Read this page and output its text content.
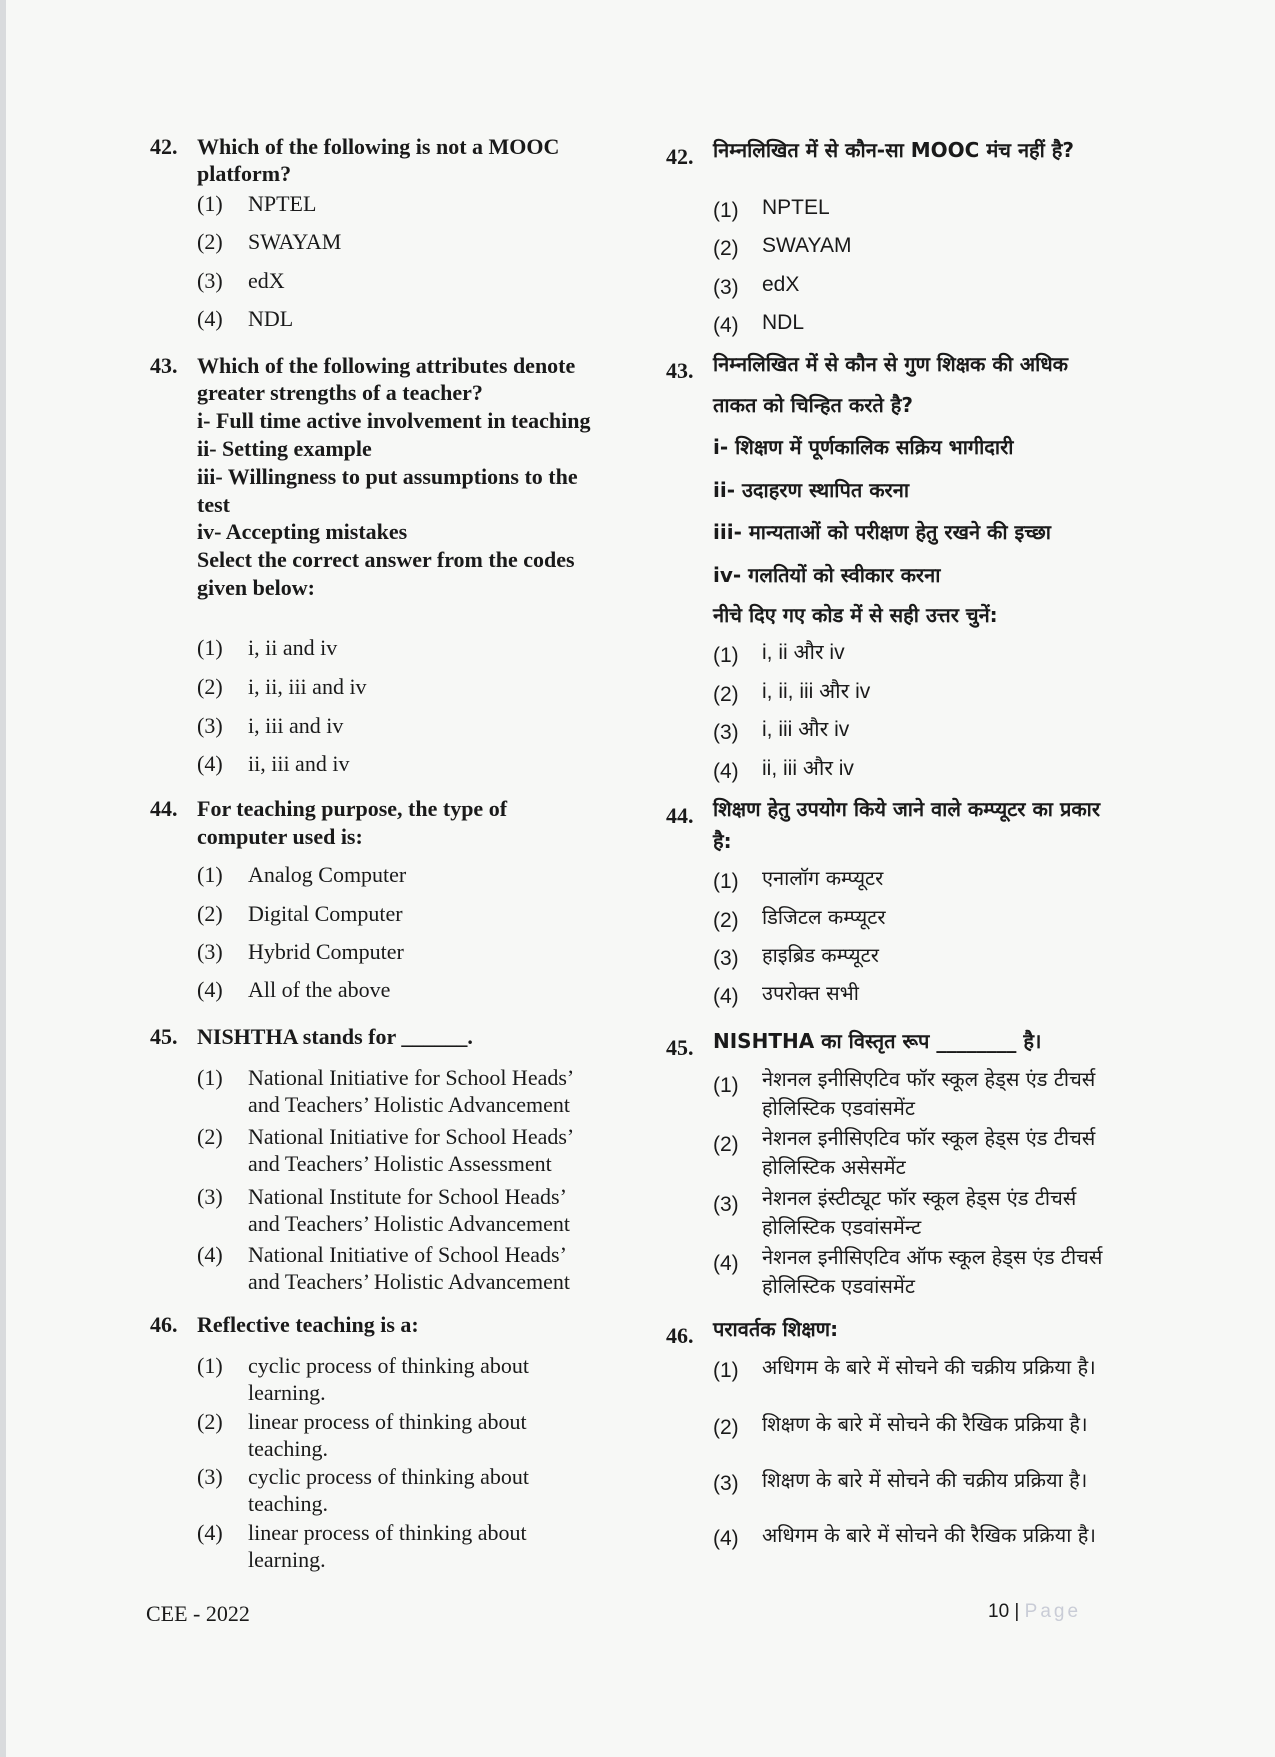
42. Which of the following is not a MOOC
platform?
(1) NPTEL
(2) SWAYAM
(3) edX
(4) NDL
43. Which of the following attributes denote
greater strengths of a teacher?
i- Full time active involvement in teaching
ii- Setting example
iii- Willingness to put assumptions to the
test
iv- Accepting mistakes
Select the correct answer from the codes
given below:
(1) i, ii and iv
(2) i, ii, iii and iv
(3) i, iii and iv
(4) ii, iii and iv
44. For teaching purpose, the type of
computer used is:
(1) Analog Computer
(2) Digital Computer
(3) Hybrid Computer
(4) All of the above
45. NISHTHA stands for ______.
(1) National Initiative for School Heads’
and Teachers’ Holistic Advancement
(2) National Initiative for School Heads’
and Teachers’ Holistic Assessment
(3) National Institute for School Heads’
and Teachers’ Holistic Advancement
(4) National Initiative of School Heads’
and Teachers’ Holistic Advancement
46. Reflective teaching is a:
(1) cyclic process of thinking about
learning.
(2) linear process of thinking about
teaching.
(3) cyclic process of thinking about
teaching.
(4) linear process of thinking about
learning.
42. निम्नलिखित में से कौन-सा MOOC मंच नहीं है?
(1) NPTEL
(2) SWAYAM
(3) edX
(4) NDL
43. निम्नलिखित में से कौन से गुण शिक्षक की अधिक
ताकत को चिन्हित करते है?
i- शिक्षण में पूर्णकालिक सक्रिय भागीदारी
ii- उदाहरण स्थापित करना
iii- मान्यताओं को परीक्षण हेतु रखने की इच्छा
iv- गलतियों को स्वीकार करना
नीचे दिए गए कोड में से सही उत्तर चुनें:
(1) i, ii और iv
(2) i, ii, iii और iv
(3) i, iii और iv
(4) ii, iii और iv
44. शिक्षण हेतु उपयोग किये जाने वाले कम्प्यूटर का प्रकार
है:
(1) एनालॉग कम्प्यूटर
(2) डिजिटल कम्प्यूटर
(3) हाइब्रिड कम्प्यूटर
(4) उपरोक्त सभी
45. NISHTHA का विस्तृत रूप ________ है।
(1) नेशनल इनीसिएटिव फॉर स्कूल हेड्स एंड टीचर्स
होलिस्टिक एडवांसमेंट
(2) नेशनल इनीसिएटिव फॉर स्कूल हेड्स एंड टीचर्स
होलिस्टिक असेसमेंट
(3) नेशनल इंस्टीट्यूट फॉर स्कूल हेड्स एंड टीचर्स
होलिस्टिक एडवांसमेंन्ट
(4) नेशनल इनीसिएटिव ऑफ स्कूल हेड्स एंड टीचर्स
होलिस्टिक एडवांसमेंट
46. परावर्तक शिक्षण:
(1) अधिगम के बारे में सोचने की चक्रीय प्रक्रिया है।
(2) शिक्षण के बारे में सोचने की रैखिक प्रक्रिया है।
(3) शिक्षण के बारे में सोचने की चक्रीय प्रक्रिया है।
(4) अधिगम के बारे में सोचने की रैखिक प्रक्रिया है।
CEE - 2022	10 | Page
